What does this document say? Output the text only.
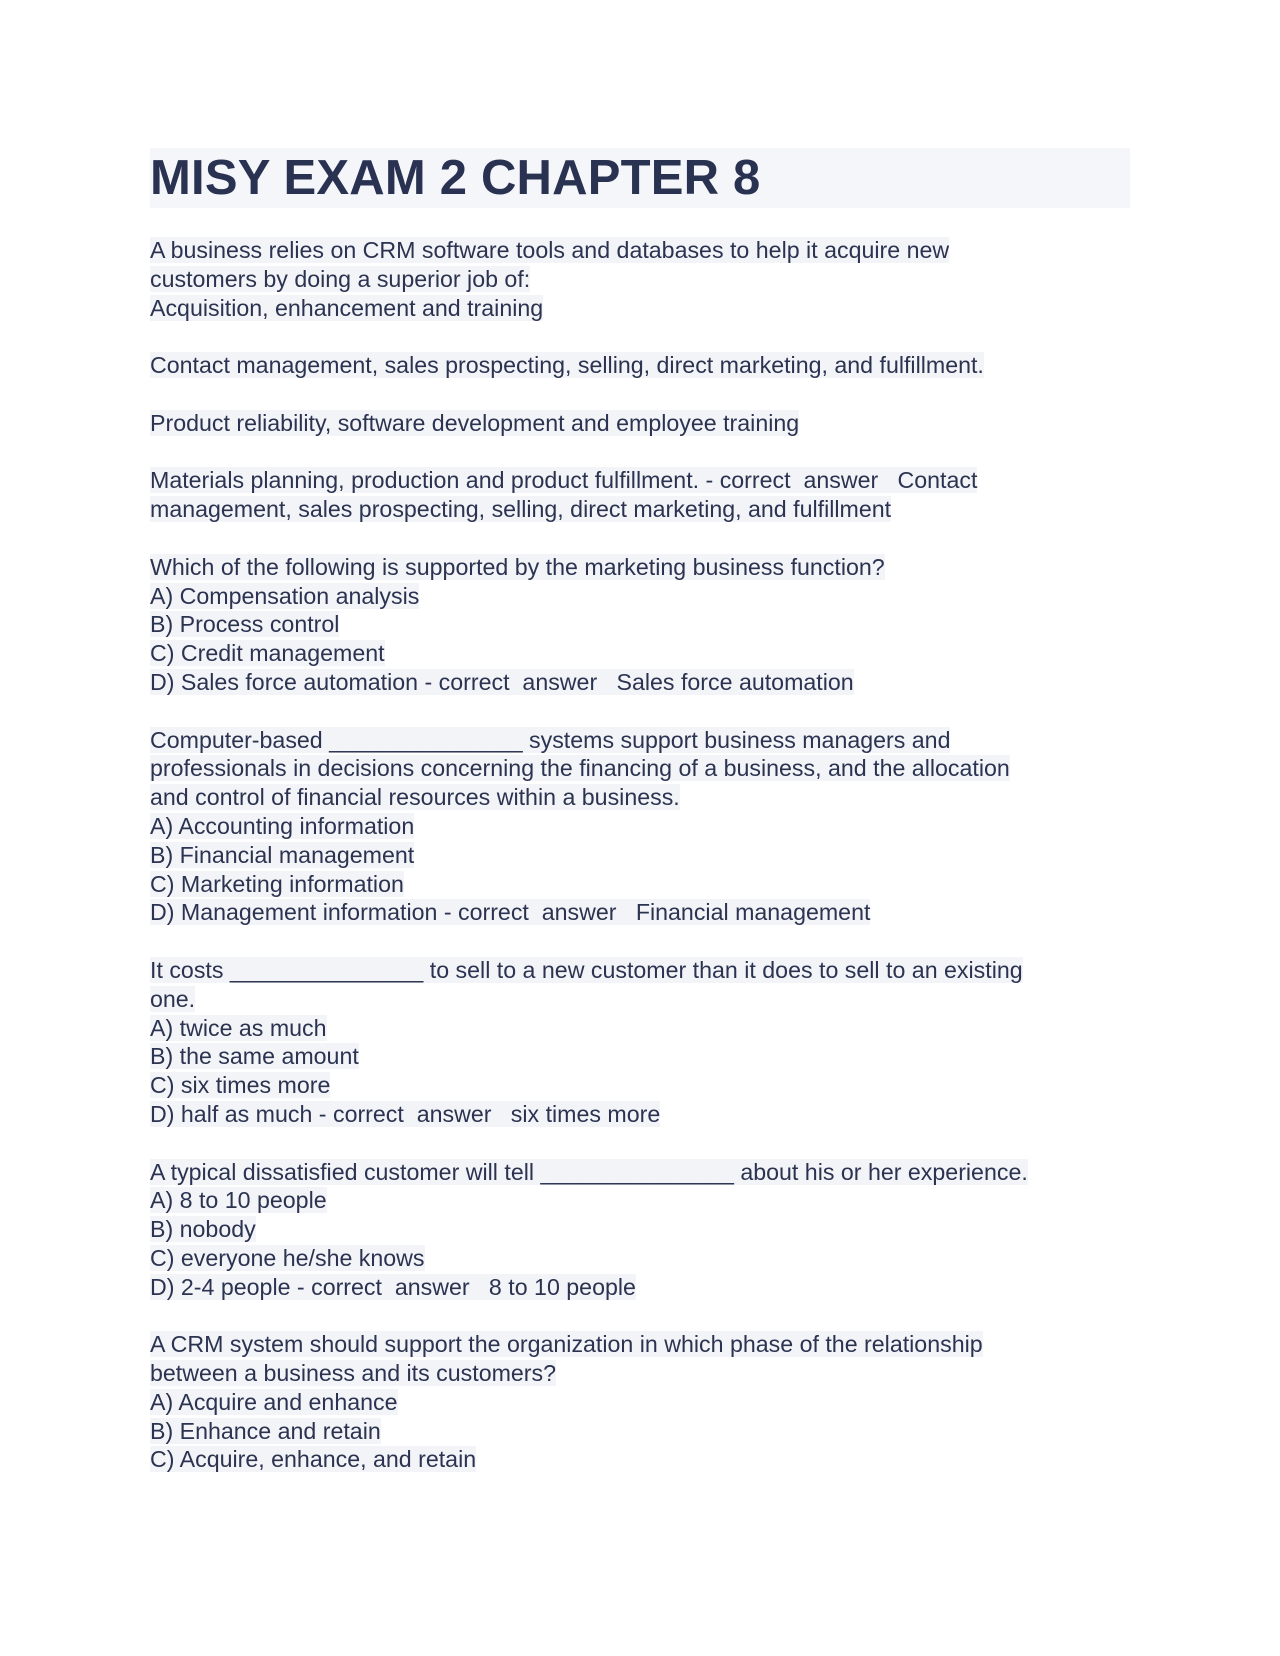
MISY EXAM 2 CHAPTER 8
A business relies on CRM software tools and databases to help it acquire new
customers by doing a superior job of:
Acquisition, enhancement and training
Contact management, sales prospecting, selling, direct marketing, and fulfillment.
Product reliability, software development and employee training
Materials planning, production and product fulfillment. - correct  answer   Contact
management, sales prospecting, selling, direct marketing, and fulfillment
Which of the following is supported by the marketing business function?
A) Compensation analysis
B) Process control
C) Credit management
D) Sales force automation - correct  answer   Sales force automation
Computer-based _______________ systems support business managers and
professionals in decisions concerning the financing of a business, and the allocation
and control of financial resources within a business.
A) Accounting information
B) Financial management
C) Marketing information
D) Management information - correct  answer   Financial management
It costs _______________ to sell to a new customer than it does to sell to an existing
one.
A) twice as much
B) the same amount
C) six times more
D) half as much - correct  answer   six times more
A typical dissatisfied customer will tell _______________ about his or her experience.
A) 8 to 10 people
B) nobody
C) everyone he/she knows
D) 2-4 people - correct  answer   8 to 10 people
A CRM system should support the organization in which phase of the relationship
between a business and its customers?
A) Acquire and enhance
B) Enhance and retain
C) Acquire, enhance, and retain
